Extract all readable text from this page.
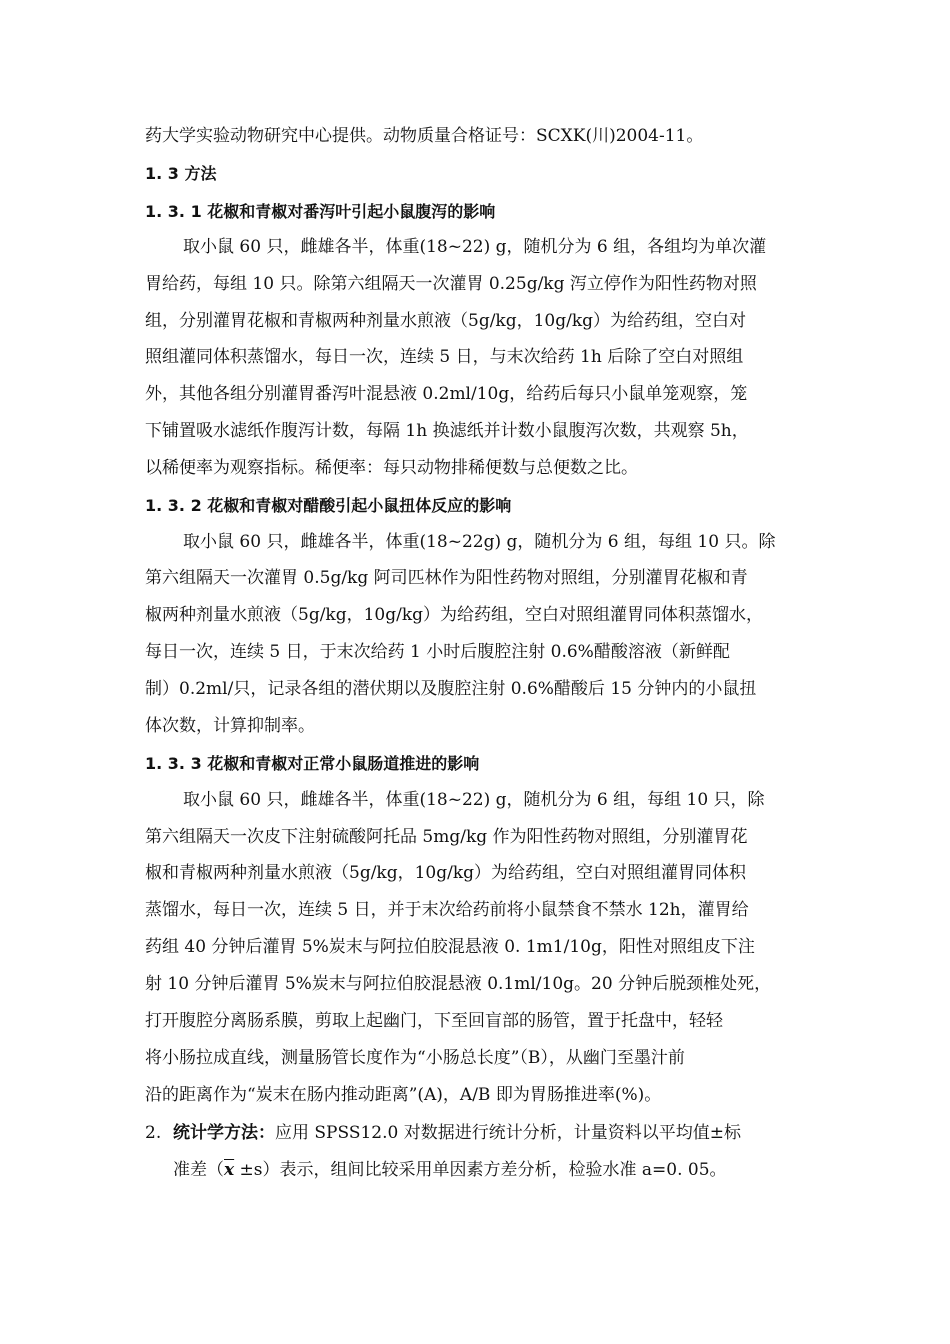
药大学实验动物研究中心提供。动物质量合格证号：SCXK(川)2004-11。
1. 3 方法
1. 3. 1 花椒和青椒对番泻叶引起小鼠腹泻的影响
取小鼠 60 只，雌雄各半，体重(18~22) g，随机分为 6 组，各组均为单次灌
胃给药，每组 10 只。除第六组隔天一次灌胃 0.25g/kg 泻立停作为阳性药物对照
组，分别灌胃花椒和青椒两种剂量水煎液（5g/kg，10g/kg）为给药组，空白对
照组灌同体积蒸馏水，每日一次，连续 5 日，与末次给药 1h 后除了空白对照组
外，其他各组分别灌胃番泻叶混悬液 0.2ml/10g，给药后每只小鼠单笼观察，笼
下铺置吸水滤纸作腹泻计数，每隔 1h 换滤纸并计数小鼠腹泻次数，共观察 5h，
以稀便率为观察指标。稀便率：每只动物排稀便数与总便数之比。
1. 3. 2 花椒和青椒对醋酸引起小鼠扭体反应的影响
取小鼠 60 只，雌雄各半，体重(18~22g) g，随机分为 6 组，每组 10 只。除
第六组隔天一次灌胃 0.5g/kg 阿司匹林作为阳性药物对照组，分别灌胃花椒和青
椒两种剂量水煎液（5g/kg，10g/kg）为给药组，空白对照组灌胃同体积蒸馏水，
每日一次，连续 5 日，于末次给药 1 小时后腹腔注射 0.6%醋酸溶液（新鲜配
制）0.2ml/只，记录各组的潜伏期以及腹腔注射 0.6%醋酸后 15 分钟内的小鼠扭
体次数，计算抑制率。
1. 3. 3 花椒和青椒对正常小鼠肠道推进的影响
取小鼠 60 只，雌雄各半，体重(18~22) g，随机分为 6 组，每组 10 只，除
第六组隔天一次皮下注射硫酸阿托品 5mg/kg 作为阳性药物对照组，分别灌胃花
椒和青椒两种剂量水煎液（5g/kg，10g/kg）为给药组，空白对照组灌胃同体积
蒸馏水，每日一次，连续 5 日，并于末次给药前将小鼠禁食不禁水 12h，灌胃给
药组 40 分钟后灌胃 5%炭末与阿拉伯胶混悬液 0. 1m1/10g，阳性对照组皮下注
射 10 分钟后灌胃 5%炭末与阿拉伯胶混悬液 0.1ml/10g。20 分钟后脱颈椎处死，
打开腹腔分离肠系膜，剪取上起幽门，下至回盲部的肠管，置于托盘中，轻轻
将小肠拉成直线，测量肠管长度作为“小肠总长度”（B），从幽门至墨汁前
沿的距离作为“炭末在肠内推动距离”(A)，A/B 即为胃肠推进率(%)。
2. 统计学方法：应用 SPSS12.0 对数据进行统计分析，计量资料以平均值±标
准差$(\overline{x} \pm s)$表示，组间比较采用单因素方差分析，检验水准 a=0. 05。
